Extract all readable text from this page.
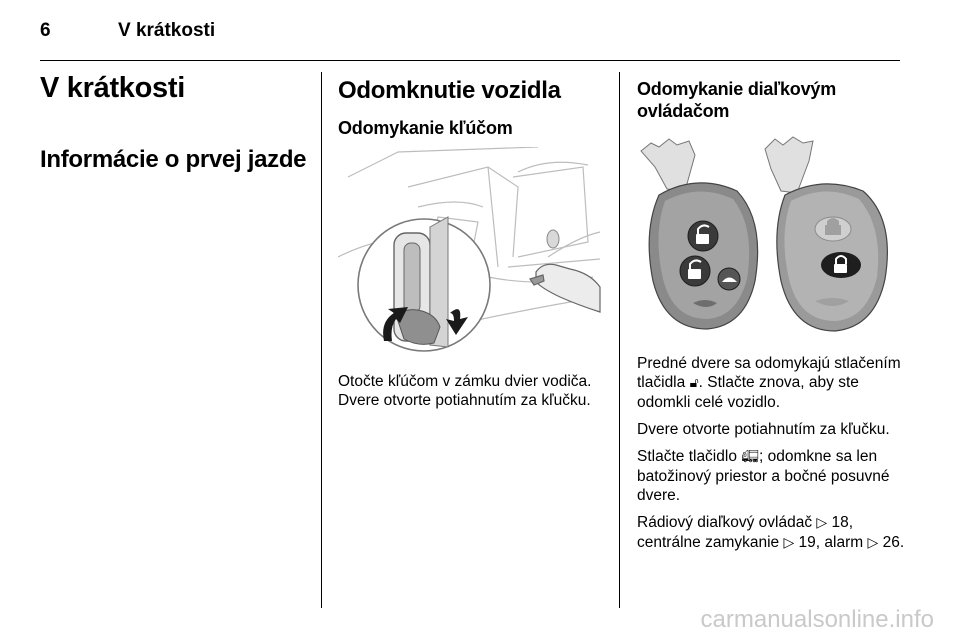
6	V krátkosti
V krátkosti
Informácie o prvej jazde
Odomknutie vozidla
Odomykanie kľúčom
Otočte kľúčom v zámku dvier vodiča. Dvere otvorte potiahnutím za kľučku.
Odomykanie diaľkovým ovládačom

Predné dvere sa odomykajú stlačením tlačidla 🔓︎. Stlačte znova, aby ste odomkli celé vozidlo.

Dvere otvorte potiahnutím za kľučku.

Stlačte tlačidlo 🚛︎; odomkne sa len batožinový priestor a bočné posuvné dvere.

Rádiový diaľkový ovládač ▷ 18, centrálne zamykanie ▷ 19, alarm ▷ 26.

carmanualsonline.info
